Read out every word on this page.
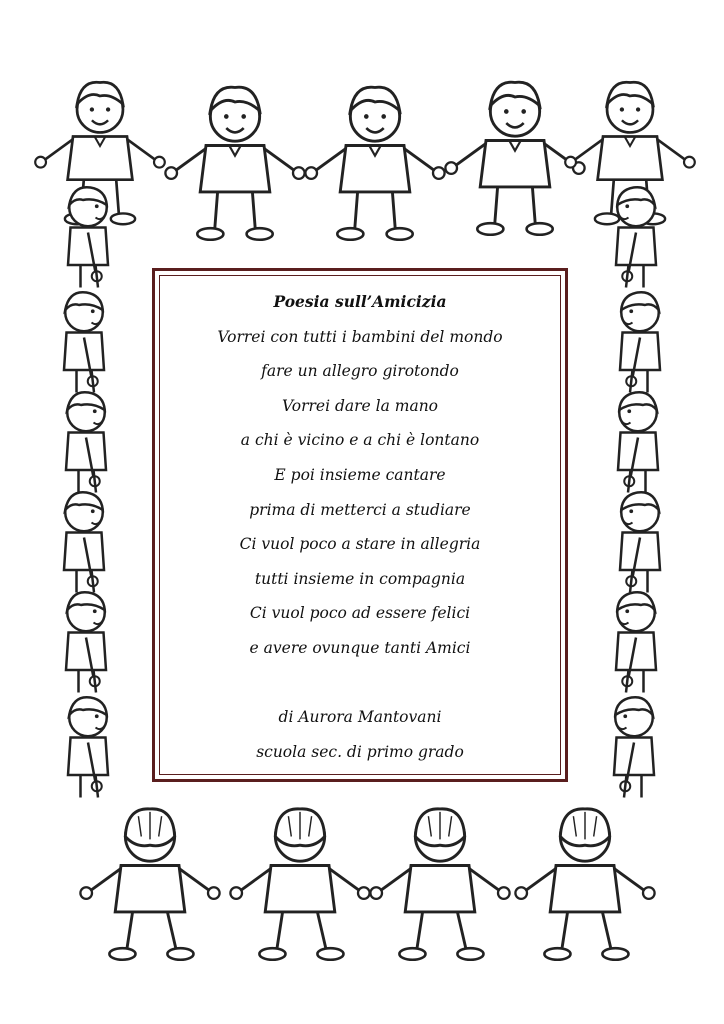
Poesia sull’Amicizia
Vorrei con tutti i bambini del mondo
fare un allegro girotondo
Vorrei dare la mano
a chi è vicino e a chi è lontano
E poi insieme cantare
prima di metterci a studiare
Ci vuol poco a stare in allegria
tutti insieme in compagnia
Ci vuol poco ad essere felici
e avere ovunque tanti Amici
di Aurora Mantovani
scuola sec. di primo grado
